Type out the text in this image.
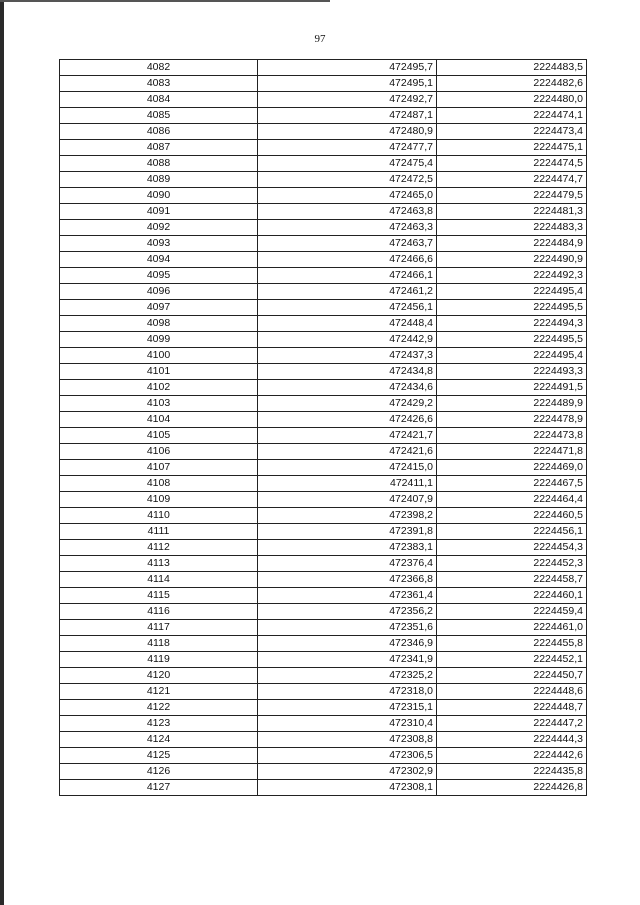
97
4082	472495,7	2224483,5
4083	472495,1	2224482,6
4084	472492,7	2224480,0
4085	472487,1	2224474,1
4086	472480,9	2224473,4
4087	472477,7	2224475,1
4088	472475,4	2224474,5
4089	472472,5	2224474,7
4090	472465,0	2224479,5
4091	472463,8	2224481,3
4092	472463,3	2224483,3
4093	472463,7	2224484,9
4094	472466,6	2224490,9
4095	472466,1	2224492,3
4096	472461,2	2224495,4
4097	472456,1	2224495,5
4098	472448,4	2224494,3
4099	472442,9	2224495,5
4100	472437,3	2224495,4
4101	472434,8	2224493,3
4102	472434,6	2224491,5
4103	472429,2	2224489,9
4104	472426,6	2224478,9
4105	472421,7	2224473,8
4106	472421,6	2224471,8
4107	472415,0	2224469,0
4108	472411,1	2224467,5
4109	472407,9	2224464,4
4110	472398,2	2224460,5
4111	472391,8	2224456,1
4112	472383,1	2224454,3
4113	472376,4	2224452,3
4114	472366,8	2224458,7
4115	472361,4	2224460,1
4116	472356,2	2224459,4
4117	472351,6	2224461,0
4118	472346,9	2224455,8
4119	472341,9	2224452,1
4120	472325,2	2224450,7
4121	472318,0	2224448,6
4122	472315,1	2224448,7
4123	472310,4	2224447,2
4124	472308,8	2224444,3
4125	472306,5	2224442,6
4126	472302,9	2224435,8
4127	472308,1	2224426,8
